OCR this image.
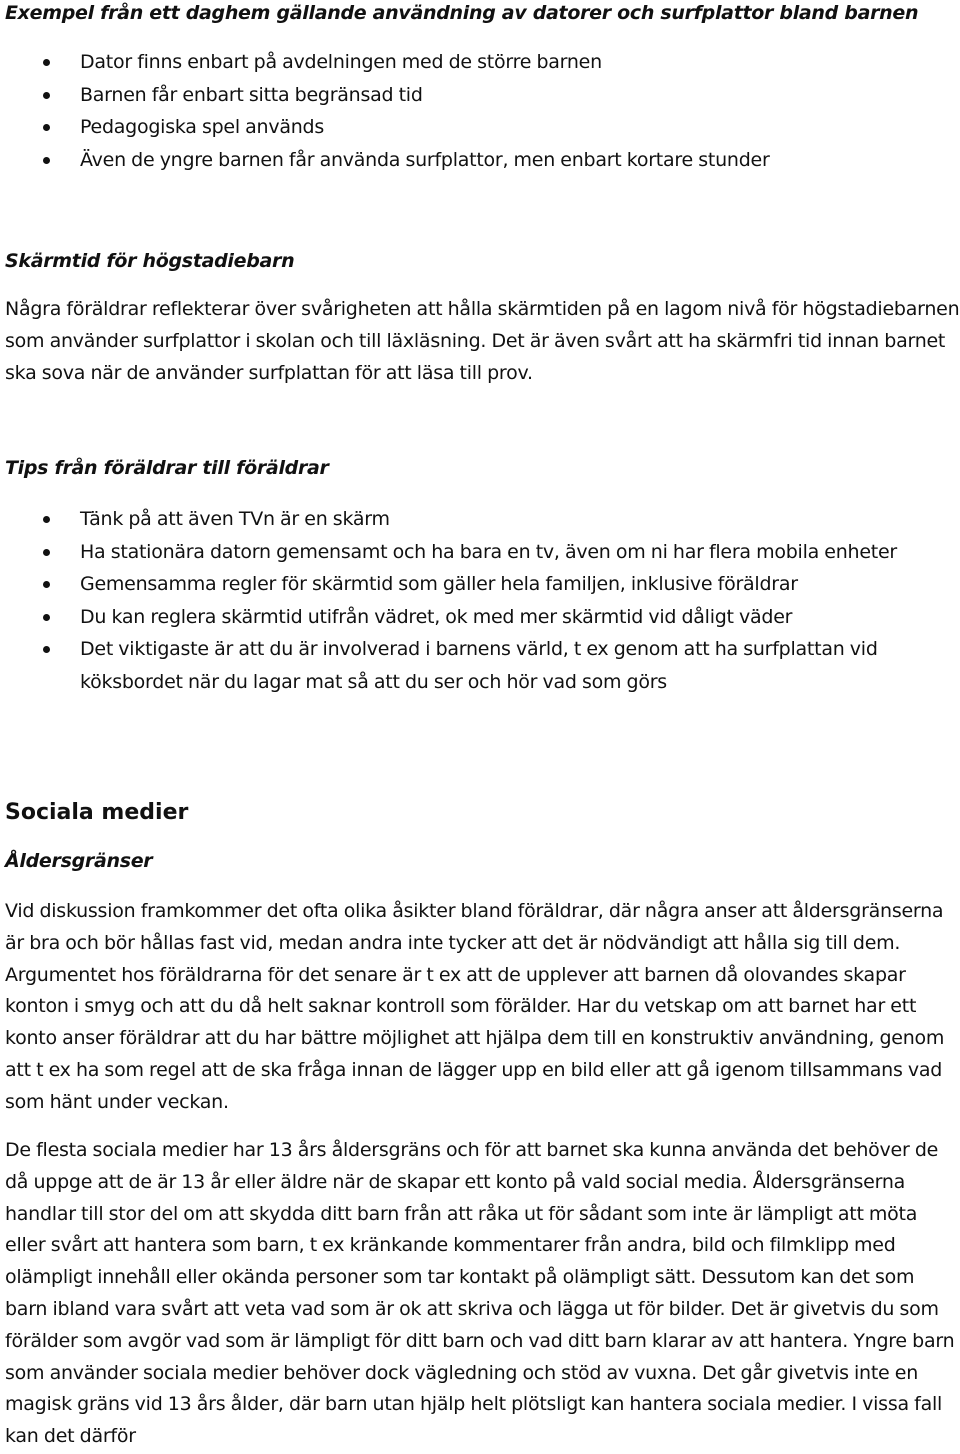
Exempel från ett daghem gällande användning av datorer och surfplattor bland barnen
Dator finns enbart på avdelningen med de större barnen
Barnen får enbart sitta begränsad tid
Pedagogiska spel används
Även de yngre barnen får använda surfplattor, men enbart kortare stunder
Skärmtid för högstadiebarn

Några föräldrar reflekterar över svårigheten att hålla skärmtiden på en lagom nivå för högstadiebarnen som använder surfplattor i skolan och till läxläsning. Det är även svårt att ha skärmfri tid innan barnet ska sova när de använder surfplattan för att läsa till prov.

Tips från föräldrar till föräldrar
Tänk på att även TVn är en skärm
Ha stationära datorn gemensamt och ha bara en tv, även om ni har flera mobila enheter
Gemensamma regler för skärmtid som gäller hela familjen, inklusive föräldrar
Du kan reglera skärmtid utifrån vädret, ok med mer skärmtid vid dåligt väder
Det viktigaste är att du är involverad i barnens värld, t ex genom att ha surfplattan vid köksbordet när du lagar mat så att du ser och hör vad som görs
Sociala medier
Åldersgränser

Vid diskussion framkommer det ofta olika åsikter bland föräldrar, där några anser att åldersgränserna är bra och bör hållas fast vid, medan andra inte tycker att det är nödvändigt att hålla sig till dem. Argumentet hos föräldrarna för det senare är t ex att de upplever att barnen då olovandes skapar konton i smyg och att du då helt saknar kontroll som förälder. Har du vetskap om att barnet har ett konto anser föräldrar att du har bättre möjlighet att hjälpa dem till en konstruktiv användning, genom att t ex ha som regel att de ska fråga innan de lägger upp en bild eller att gå igenom tillsammans vad som hänt under veckan.

De flesta sociala medier har 13 års åldersgräns och för att barnet ska kunna använda det behöver de då uppge att de är 13 år eller äldre när de skapar ett konto på vald social media. Åldersgränserna handlar till stor del om att skydda ditt barn från att råka ut för sådant som inte är lämpligt att möta eller svårt att hantera som barn, t ex kränkande kommentarer från andra, bild och filmklipp med olämpligt innehåll eller okända personer som tar kontakt på olämpligt sätt. Dessutom kan det som barn ibland vara svårt att veta vad som är ok att skriva och lägga ut för bilder. Det är givetvis du som förälder som avgör vad som är lämpligt för ditt barn och vad ditt barn klarar av att hantera. Yngre barn som använder sociala medier behöver dock vägledning och stöd av vuxna. Det går givetvis inte en magisk gräns vid 13 års ålder, där barn utan hjälp helt plötsligt kan hantera sociala medier. I vissa fall kan det därför
